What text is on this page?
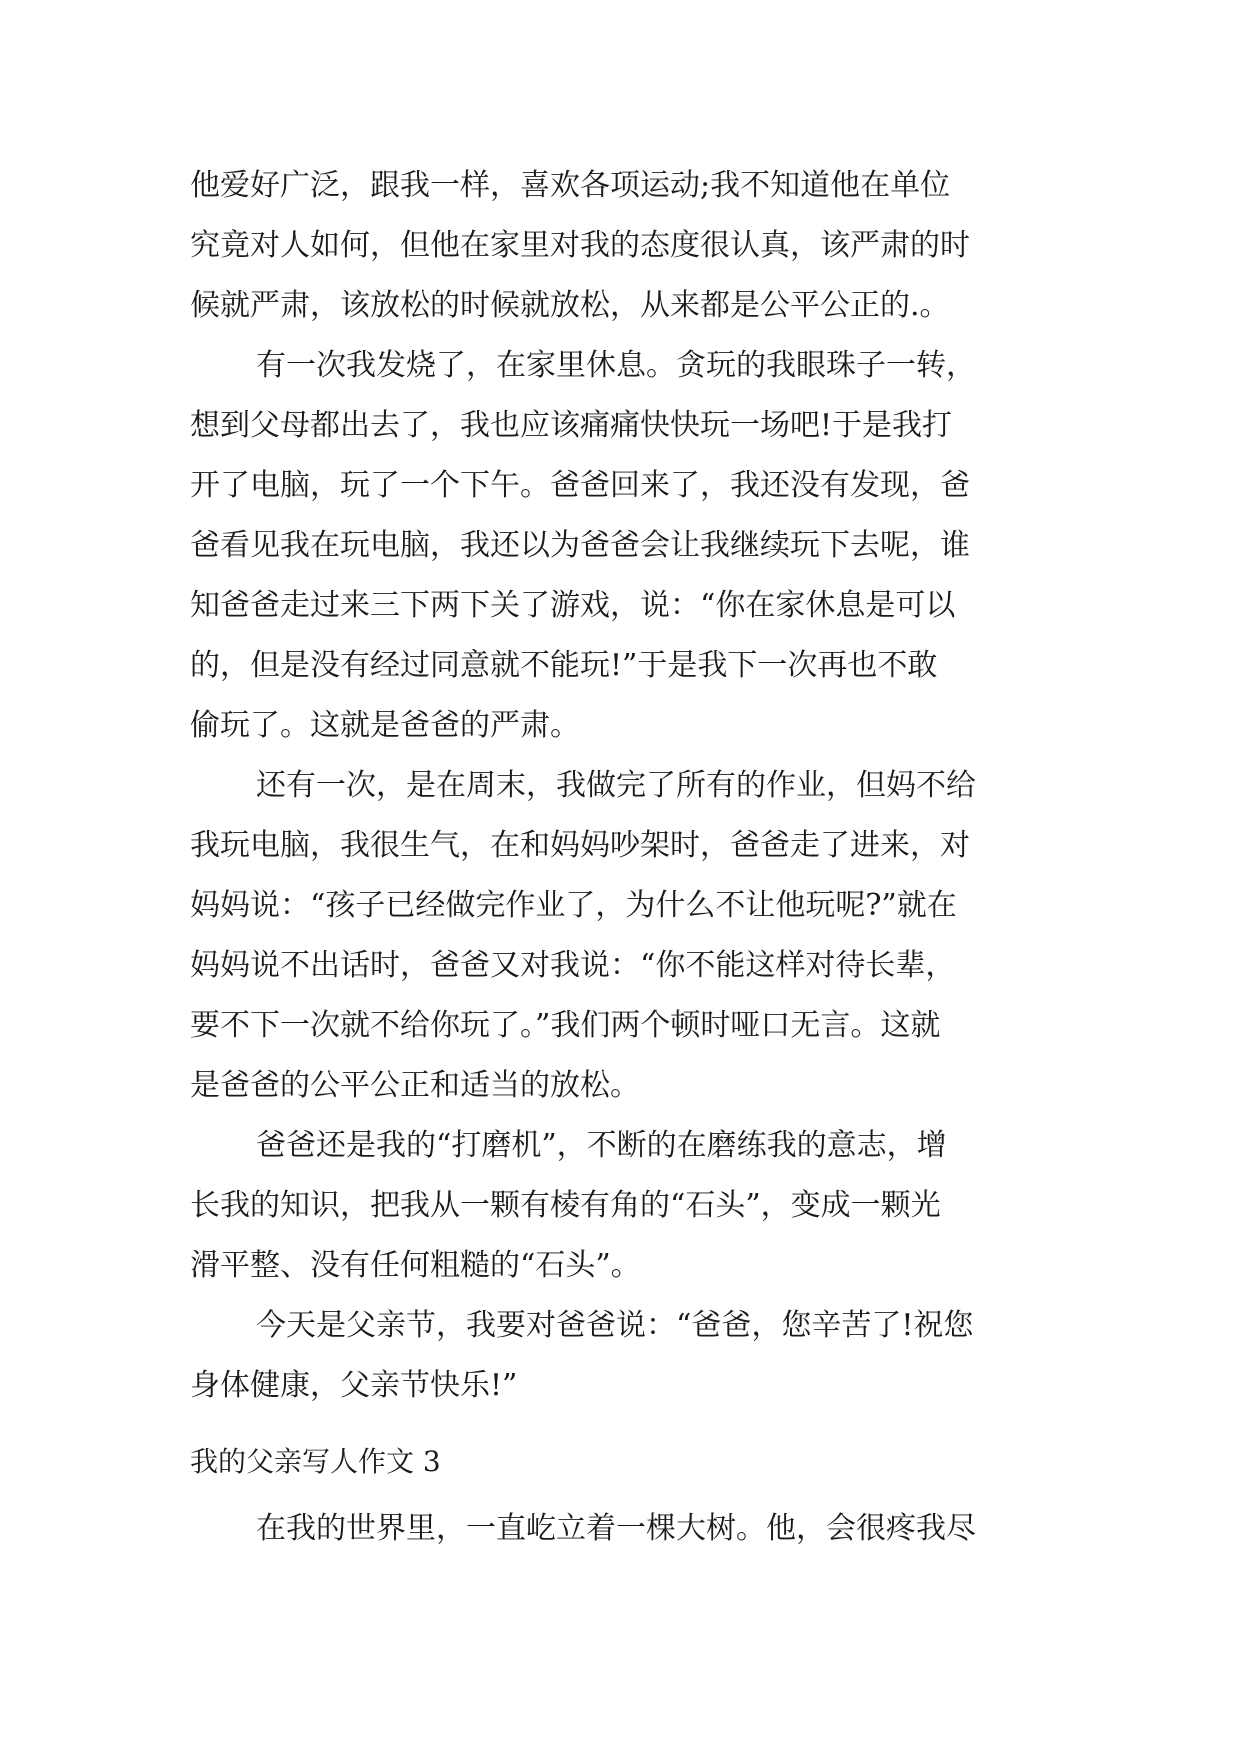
他爱好广泛，跟我一样，喜欢各项运动;我不知道他在单位
究竟对人如何，但他在家里对我的态度很认真，该严肃的时
候就严肃，该放松的时候就放松，从来都是公平公正的.。
有一次我发烧了，在家里休息。贪玩的我眼珠子一转，
想到父母都出去了，我也应该痛痛快快玩一场吧!于是我打
开了电脑，玩了一个下午。爸爸回来了，我还没有发现，爸
爸看见我在玩电脑，我还以为爸爸会让我继续玩下去呢，谁
知爸爸走过来三下两下关了游戏，说：“你在家休息是可以
的，但是没有经过同意就不能玩!”于是我下一次再也不敢
偷玩了。这就是爸爸的严肃。
还有一次，是在周末，我做完了所有的作业，但妈不给
我玩电脑，我很生气，在和妈妈吵架时，爸爸走了进来，对
妈妈说：“孩子已经做完作业了，为什么不让他玩呢?”就在
妈妈说不出话时，爸爸又对我说：“你不能这样对待长辈，
要不下一次就不给你玩了。”我们两个顿时哑口无言。这就
是爸爸的公平公正和适当的放松。
爸爸还是我的“打磨机”，不断的在磨练我的意志，增
长我的知识，把我从一颗有棱有角的“石头”，变成一颗光
滑平整、没有任何粗糙的“石头”。
今天是父亲节，我要对爸爸说：“爸爸，您辛苦了!祝您
身体健康，父亲节快乐!”
我的父亲写人作文 3
在我的世界里，一直屹立着一棵大树。他，会很疼我尽
